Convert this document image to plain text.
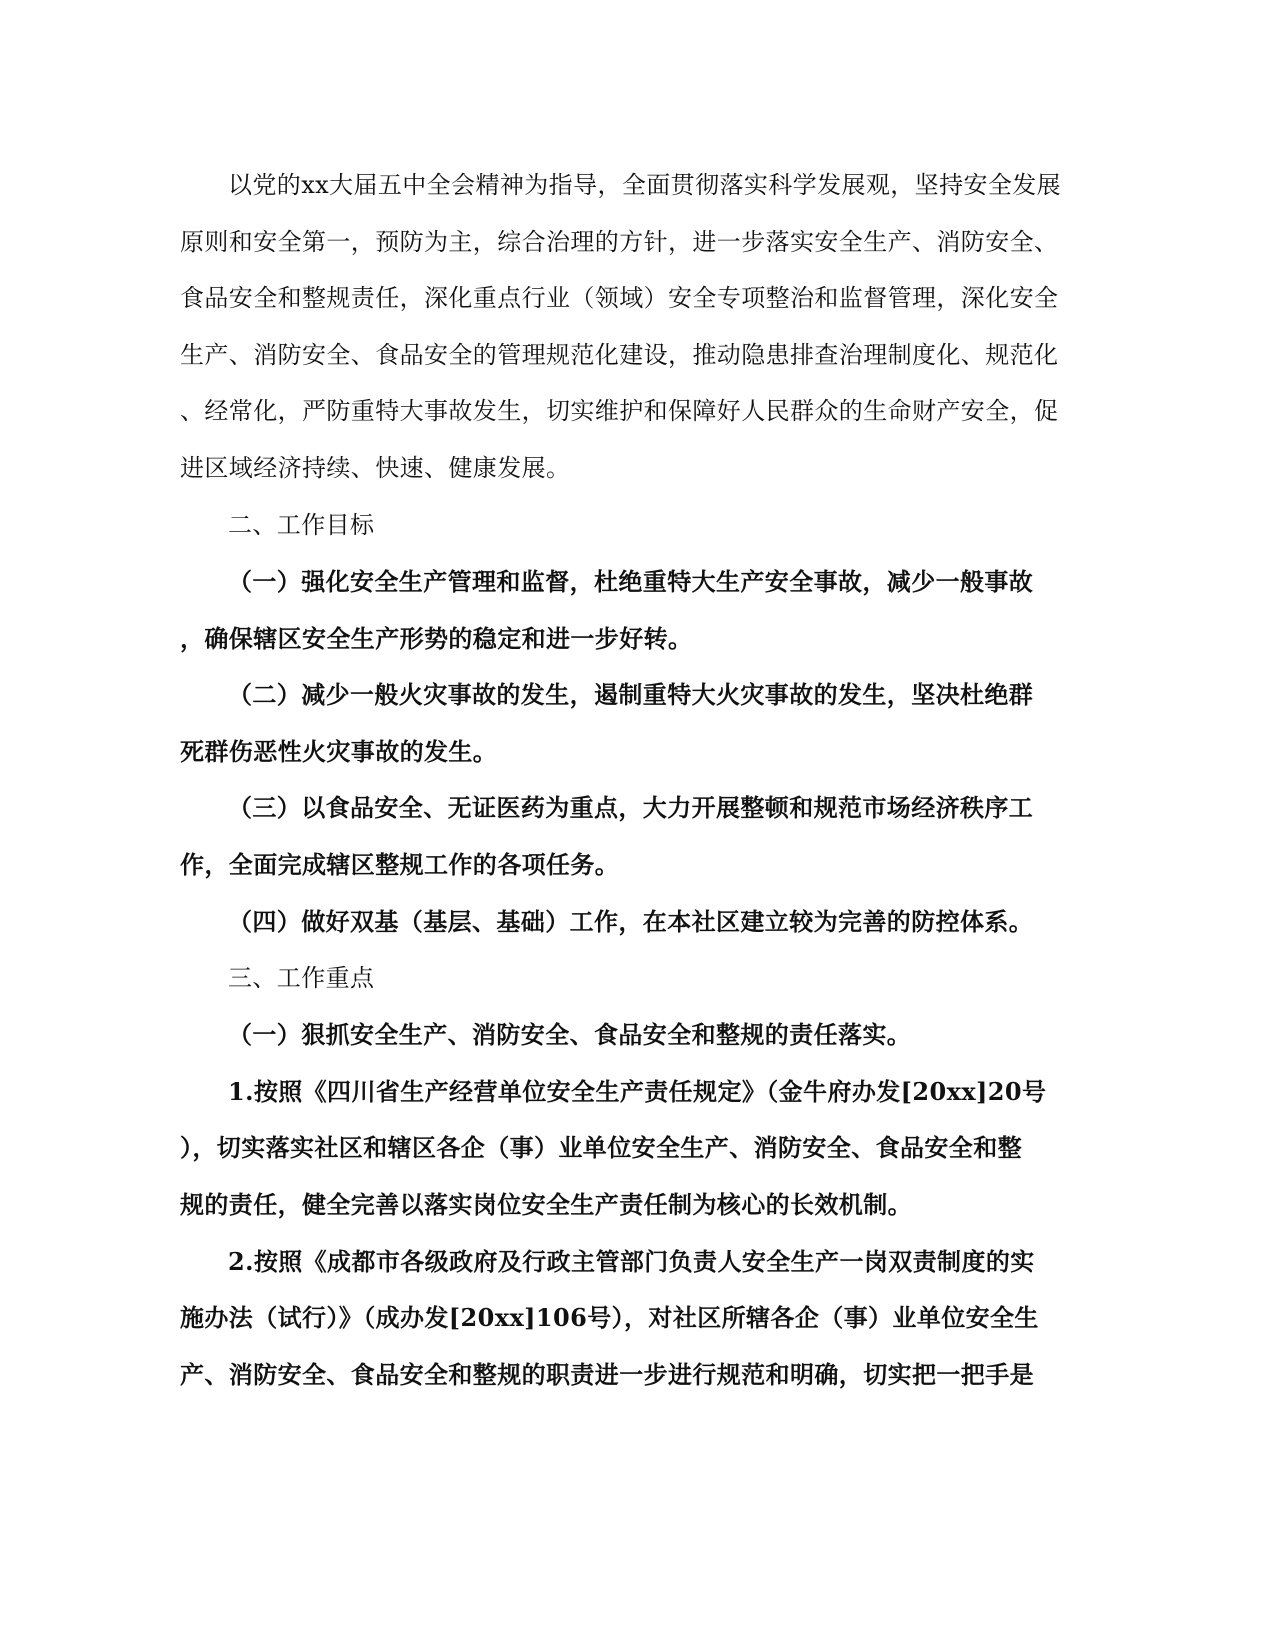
以党的xx大届五中全会精神为指导，全面贯彻落实科学发展观，坚持安全发展
原则和安全第一，预防为主，综合治理的方针，进一步落实安全生产、消防安全、
食品安全和整规责任，深化重点行业（领域）安全专项整治和监督管理，深化安全
生产、消防安全、食品安全的管理规范化建设，推动隐患排查治理制度化、规范化
、经常化，严防重特大事故发生，切实维护和保障好人民群众的生命财产安全，促
进区域经济持续、快速、健康发展。
二、工作目标
（一）强化安全生产管理和监督，杜绝重特大生产安全事故，减少一般事故
，确保辖区安全生产形势的稳定和进一步好转。
（二）减少一般火灾事故的发生，遏制重特大火灾事故的发生，坚决杜绝群
死群伤恶性火灾事故的发生。
（三）以食品安全、无证医药为重点，大力开展整顿和规范市场经济秩序工
作，全面完成辖区整规工作的各项任务。
（四）做好双基（基层、基础）工作，在本社区建立较为完善的防控体系。
三、工作重点
（一）狠抓安全生产、消防安全、食品安全和整规的责任落实。
1.按照《四川省生产经营单位安全生产责任规定》（金牛府办发[20xx]20号
），切实落实社区和辖区各企（事）业单位安全生产、消防安全、食品安全和整
规的责任，健全完善以落实岗位安全生产责任制为核心的长效机制。
2.按照《成都市各级政府及行政主管部门负责人安全生产一岗双责制度的实
施办法（试行）》（成办发[20xx]106号），对社区所辖各企（事）业单位安全生
产、消防安全、食品安全和整规的职责进一步进行规范和明确，切实把一把手是
